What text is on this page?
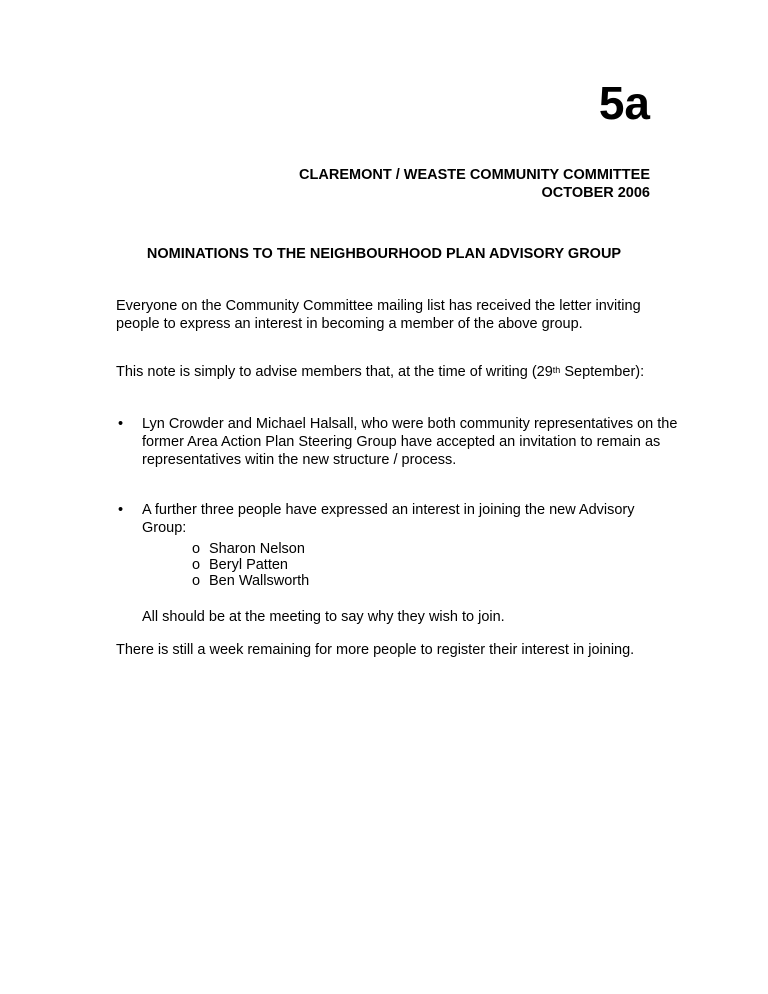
5a
CLAREMONT / WEASTE COMMUNITY COMMITTEE
OCTOBER 2006
NOMINATIONS TO THE NEIGHBOURHOOD PLAN ADVISORY GROUP

Everyone on the Community Committee mailing list has received the letter inviting people to express an interest in becoming a member of the above group.

This note is simply to advise members that, at the time of writing (29th September):

• Lyn Crowder and Michael Halsall, who were both community representatives on the former Area Action Plan Steering Group have accepted an invitation to remain as representatives witin the new structure / process.
• A further three people have expressed an interest in joining the new Advisory Group:
o Sharon Nelson
o Beryl Patten
o Ben Wallsworth
All should be at the meeting to say why they wish to join.

There is still a week remaining for more people to register their interest in joining.
